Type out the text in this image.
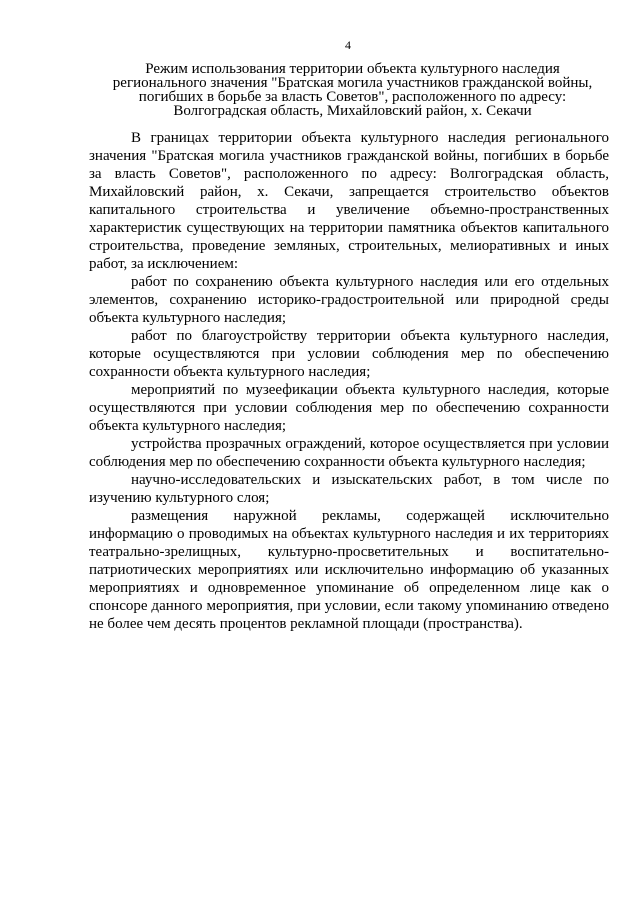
4
Режим использования территории объекта культурного наследия
регионального значения "Братская могила участников гражданской войны,
погибших в борьбе за власть Советов", расположенного по адресу:
Волгоградская область, Михайловский район, х. Секачи

В границах территории объекта культурного наследия регионального значения "Братская могила участников гражданской войны, погибших в борьбе за власть Советов", расположенного по адресу: Волгоградская область, Михайловский район, х. Секачи, запрещается строительство объектов капитального строительства и увеличение объемно-пространственных характеристик существующих на территории памятника объектов капитального строительства, проведение земляных, строительных, мелиоративных и иных работ, за исключением:

работ по сохранению объекта культурного наследия или его отдельных элементов, сохранению историко-градостроительной или природной среды объекта культурного наследия;

работ по благоустройству территории объекта культурного наследия, которые осуществляются при условии соблюдения мер по обеспечению сохранности объекта культурного наследия;

мероприятий по музеефикации объекта культурного наследия, которые осуществляются при условии соблюдения мер по обеспечению сохранности объекта культурного наследия;

устройства прозрачных ограждений, которое осуществляется при условии соблюдения мер по обеспечению сохранности объекта культурного наследия;

научно-исследовательских и изыскательских работ, в том числе по изучению культурного слоя;

размещения наружной рекламы, содержащей исключительно информацию о проводимых на объектах культурного наследия и их территориях театрально-зрелищных, культурно-просветительных и воспитательно-патриотических мероприятиях или исключительно информацию об указанных мероприятиях и одновременное упоминание об определенном лице как о спонсоре данного мероприятия, при условии, если такому упоминанию отведено не более чем десять процентов рекламной площади (пространства).
